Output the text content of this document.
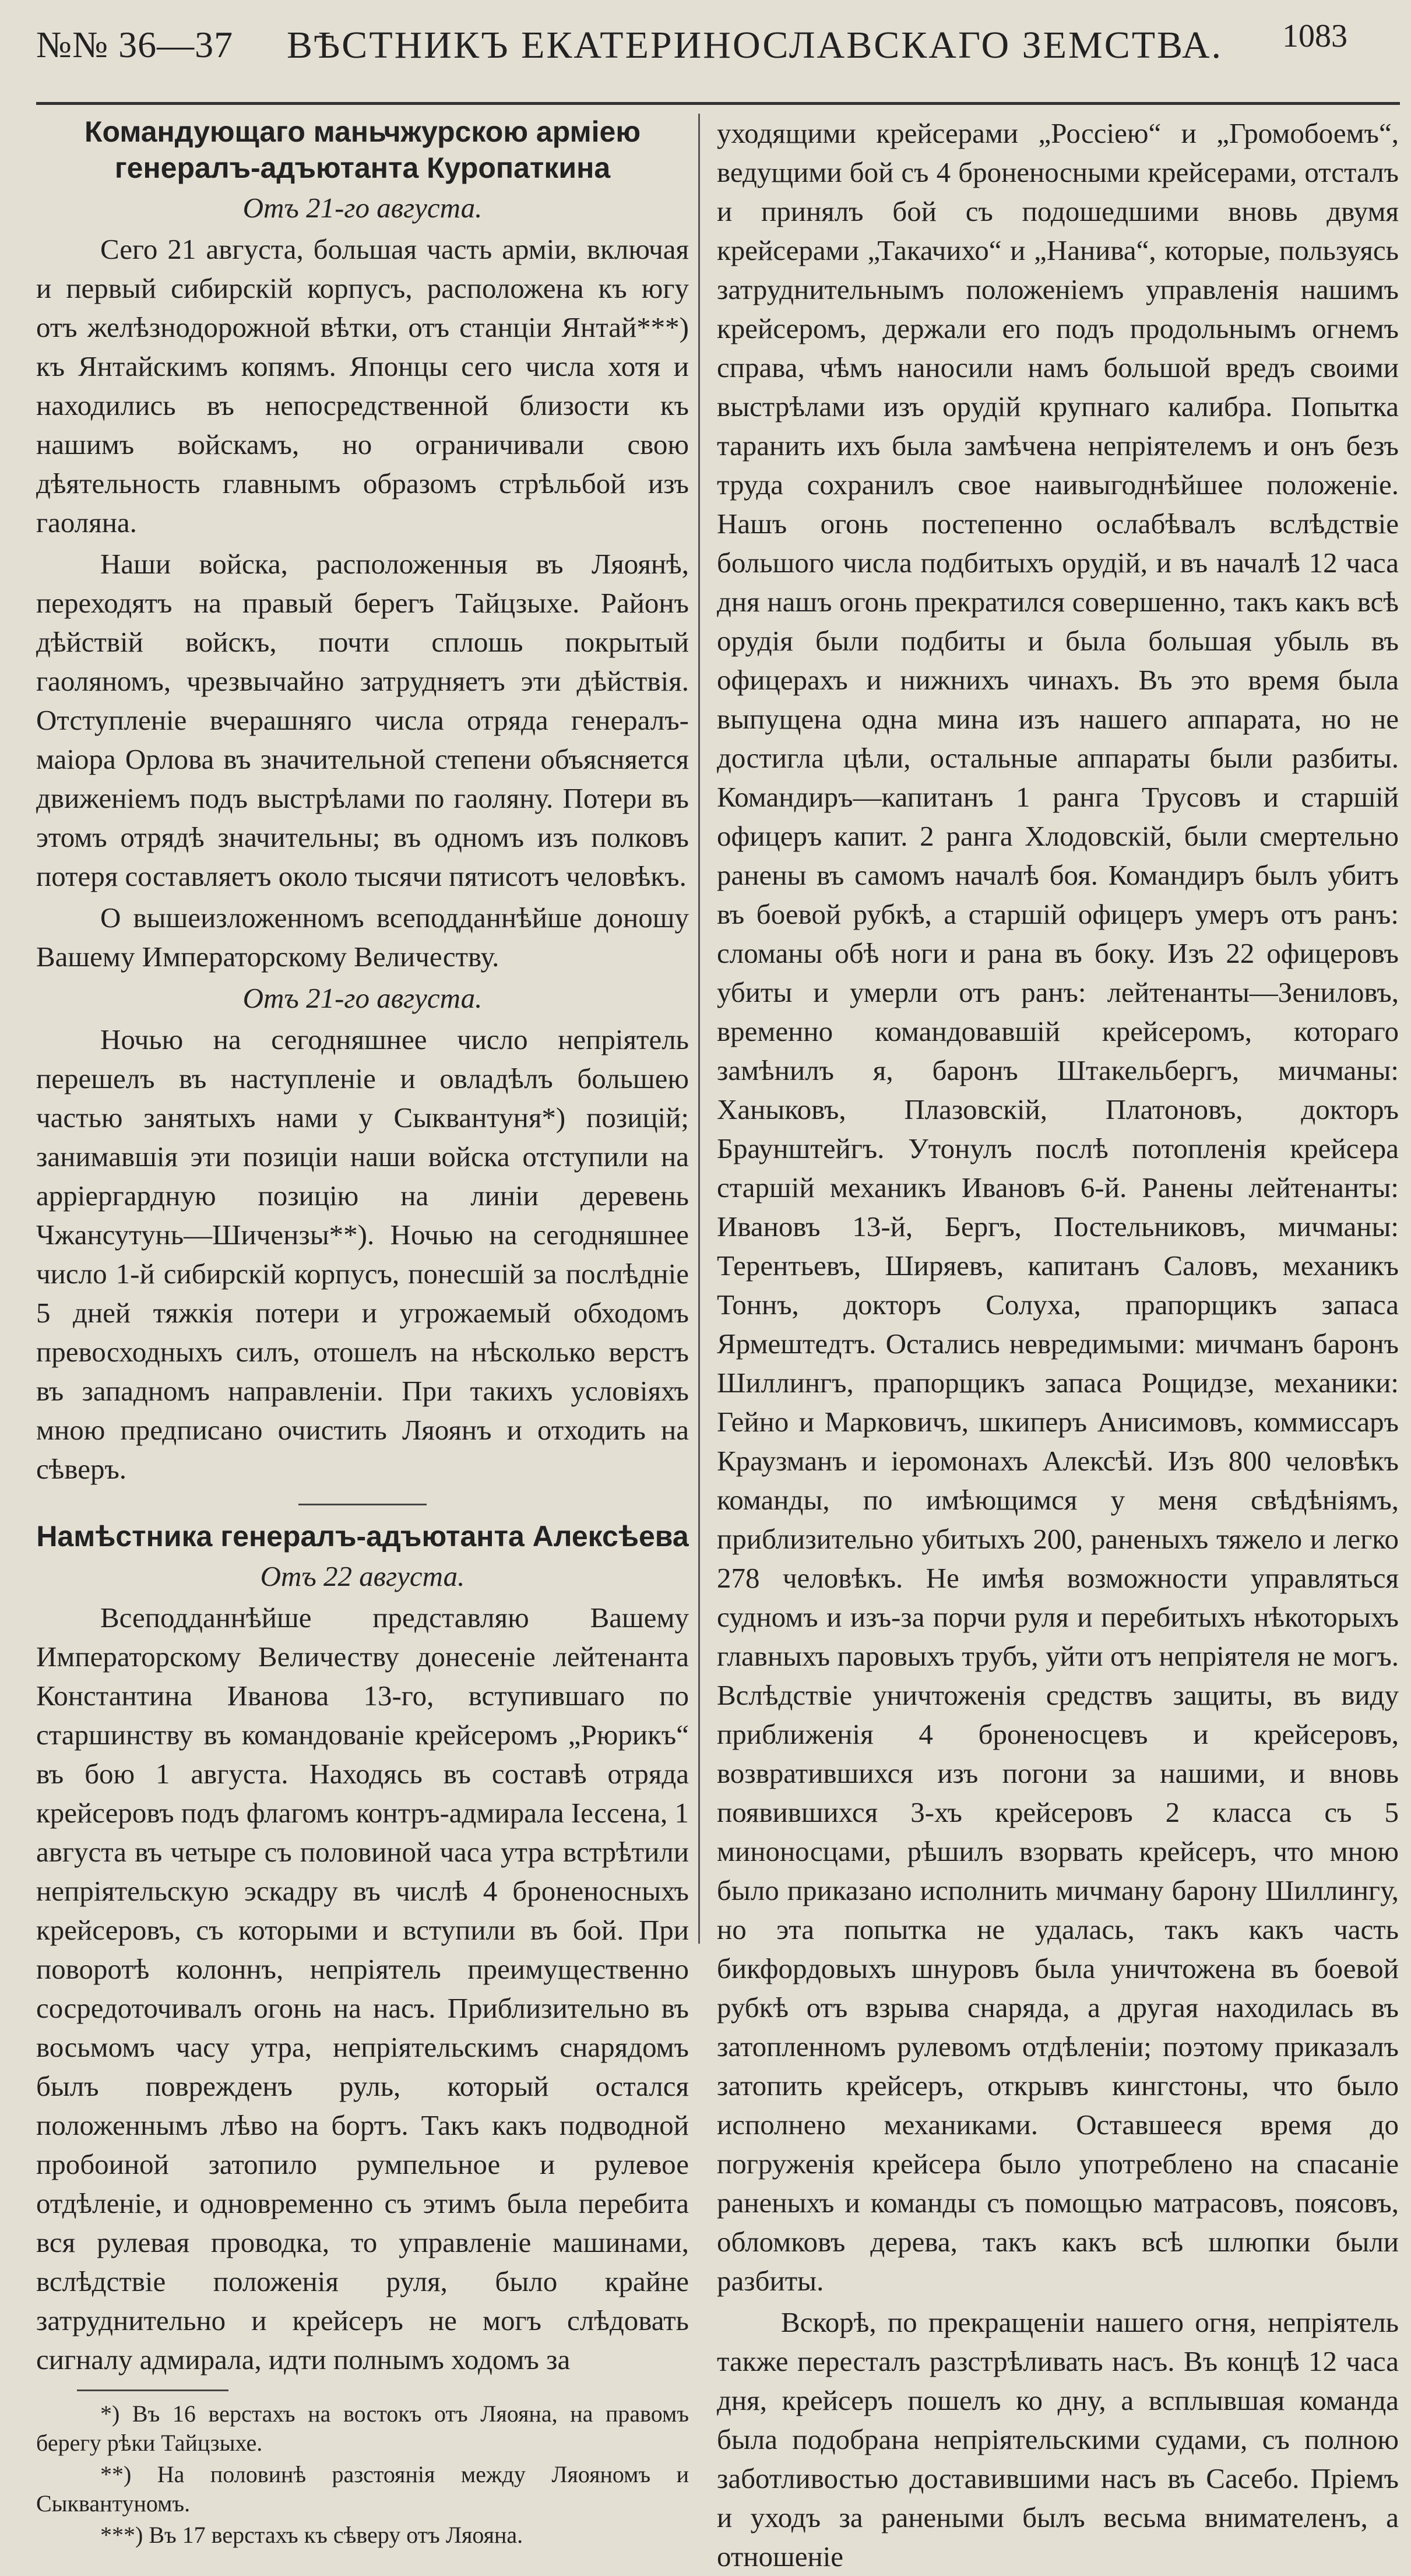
№№ 36—37 ВѢСТНИКЪ ЕКАТЕРИНОСЛАВСКАГО ЗЕМСТВА. 1083
Командующаго маньчжурскою арміею генералъ-адъютанта Куропаткина
Отъ 21-го августа.

Сего 21 августа, большая часть арміи, включая и первый сибирскій корпусъ, расположена къ югу отъ желѣзнодорожной вѣтки, отъ станціи Янтай***) къ Янтайскимъ копямъ. Японцы сего числа хотя и находились въ непосредственной близости къ нашимъ войскамъ, но ограничивали свою дѣятельность главнымъ образомъ стрѣльбой изъ гаоляна.

Наши войска, расположенныя въ Ляоянѣ, переходятъ на правый берегъ Тайцзыхе. Районъ дѣйствій войскъ, почти сплошь покрытый гаоляномъ, чрезвычайно затрудняетъ эти дѣйствія. Отступленіе вчерашняго числа отряда генералъ-маіора Орлова въ значительной степени объясняется движеніемъ подъ выстрѣлами по гаоляну. Потери въ этомъ отрядѣ значительны; въ одномъ изъ полковъ потеря составляетъ около тысячи пятисотъ человѣкъ.

О вышеизложенномъ всеподданнѣйше доношу Вашему Императорскому Величеству.

Отъ 21-го августа.

Ночью на сегодняшнее число непріятель перешелъ въ наступленіе и овладѣлъ большею частью занятыхъ нами у Сыквантуня*) позицій; занимавшія эти позиціи наши войска отступили на арріергардную позицію на линіи деревень Чжансутунь—Шичензы**). Ночью на сегодняшнее число 1-й сибирскій корпусъ, понесшій за послѣдніе 5 дней тяжкія потери и угрожаемый обходомъ превосходныхъ силъ, отошелъ на нѣсколько верстъ въ западномъ направленіи. При такихъ условіяхъ мною предписано очистить Ляоянъ и отходить на сѣверъ.

Намѣстника генералъ-адъютанта Алексѣева
Отъ 22 августа.

Всеподданнѣйше представляю Вашему Императорскому Величеству донесеніе лейтенанта Константина Иванова 13-го, вступившаго по старшинству въ командованіе крейсеромъ „Рюрикъ“ въ бою 1 августа. Находясь въ составѣ отряда крейсеровъ подъ флагомъ контръ-адмирала Іессена, 1 августа въ четыре съ половиной часа утра встрѣтили непріятельскую эскадру въ числѣ 4 броненосныхъ крейсеровъ, съ которыми и вступили въ бой. При поворотѣ колоннъ, непріятель преимущественно сосредоточивалъ огонь на насъ. Приблизительно въ восьмомъ часу утра, непріятельскимъ снарядомъ былъ поврежденъ руль, который остался положеннымъ лѣво на бортъ. Такъ какъ подводной пробоиной затопило румпельное и рулевое отдѣленіе, и одновременно съ этимъ была перебита вся рулевая проводка, то управленіе машинами, вслѣдствіе положенія руля, было крайне затруднительно и крейсеръ не могъ слѣдовать сигналу адмирала, идти полнымъ ходомъ за

*) Въ 16 верстахъ на востокъ отъ Ляояна, на правомъ берегу рѣки Тайцзыхе.

**) На половинѣ разстоянія между Ляояномъ и Сыквантуномъ.

***) Въ 17 верстахъ къ сѣверу отъ Ляояна.

уходящими крейсерами „Россіею“ и „Громобоемъ“, ведущими бой съ 4 броненосными крейсерами, отсталъ и принялъ бой съ подошедшими вновь двумя крейсерами „Такачихо“ и „Нанива“, которые, пользуясь затруднительнымъ положеніемъ управленія нашимъ крейсеромъ, держали его подъ продольнымъ огнемъ справа, чѣмъ наносили намъ большой вредъ своими выстрѣлами изъ орудій крупнаго калибра. Попытка таранить ихъ была замѣчена непріятелемъ и онъ безъ труда сохранилъ свое наивыгоднѣйшее положеніе. Нашъ огонь постепенно ослабѣвалъ вслѣдствіе большого числа подбитыхъ орудій, и въ началѣ 12 часа дня нашъ огонь прекратился совершенно, такъ какъ всѣ орудія были подбиты и была большая убыль въ офицерахъ и нижнихъ чинахъ. Въ это время была выпущена одна мина изъ нашего аппарата, но не достигла цѣли, остальные аппараты были разбиты. Командиръ—капитанъ 1 ранга Трусовъ и старшій офицеръ капит. 2 ранга Хлодовскій, были смертельно ранены въ самомъ началѣ боя. Командиръ былъ убитъ въ боевой рубкѣ, а старшій офицеръ умеръ отъ ранъ: сломаны обѣ ноги и рана въ боку. Изъ 22 офицеровъ убиты и умерли отъ ранъ: лейтенанты—Зениловъ, временно командовавшій крейсеромъ, котораго замѣнилъ я, баронъ Штакельбергъ, мичманы: Ханыковъ, Плазовскій, Платоновъ, докторъ Браунштейгъ. Утонулъ послѣ потопленія крейсера старшій механикъ Ивановъ 6-й. Ранены лейтенанты: Ивановъ 13-й, Бергъ, Постельниковъ, мичманы: Терентьевъ, Ширяевъ, капитанъ Саловъ, механикъ Тоннъ, докторъ Солуха, прапорщикъ запаса Ярмештедтъ. Остались невредимыми: мичманъ баронъ Шиллингъ, прапорщикъ запаса Рощидзе, механики: Гейно и Марковичъ, шкиперъ Анисимовъ, коммиссаръ Краузманъ и іеромонахъ Алексѣй. Изъ 800 человѣкъ команды, по имѣющимся у меня свѣдѣніямъ, приблизительно убитыхъ 200, раненыхъ тяжело и легко 278 человѣкъ. Не имѣя возможности управляться судномъ и изъ-за порчи руля и перебитыхъ нѣкоторыхъ главныхъ паровыхъ трубъ, уйти отъ непріятеля не могъ. Вслѣдствіе уничтоженія средствъ защиты, въ виду приближенія 4 броненосцевъ и крейсеровъ, возвратившихся изъ погони за нашими, и вновь появившихся 3-хъ крейсеровъ 2 класса съ 5 миноносцами, рѣшилъ взорвать крейсеръ, что мною было приказано исполнить мичману барону Шиллингу, но эта попытка не удалась, такъ какъ часть бикфордовыхъ шнуровъ была уничтожена въ боевой рубкѣ отъ взрыва снаряда, а другая находилась въ затопленномъ рулевомъ отдѣленіи; поэтому приказалъ затопить крейсеръ, открывъ кингстоны, что было исполнено механиками. Оставшееся время до погруженія крейсера было употреблено на спасаніе раненыхъ и команды съ помощью матрасовъ, поясовъ, обломковъ дерева, такъ какъ всѣ шлюпки были разбиты.

Вскорѣ, по прекращеніи нашего огня, непріятель также пересталъ разстрѣливать насъ. Въ концѣ 12 часа дня, крейсеръ пошелъ ко дну, а всплывшая команда была подобрана непріятельскими судами, съ полною заботливостью доставившими насъ въ Сасебо. Пріемъ и уходъ за ранеными былъ весьма внимателенъ, а отношеніе
